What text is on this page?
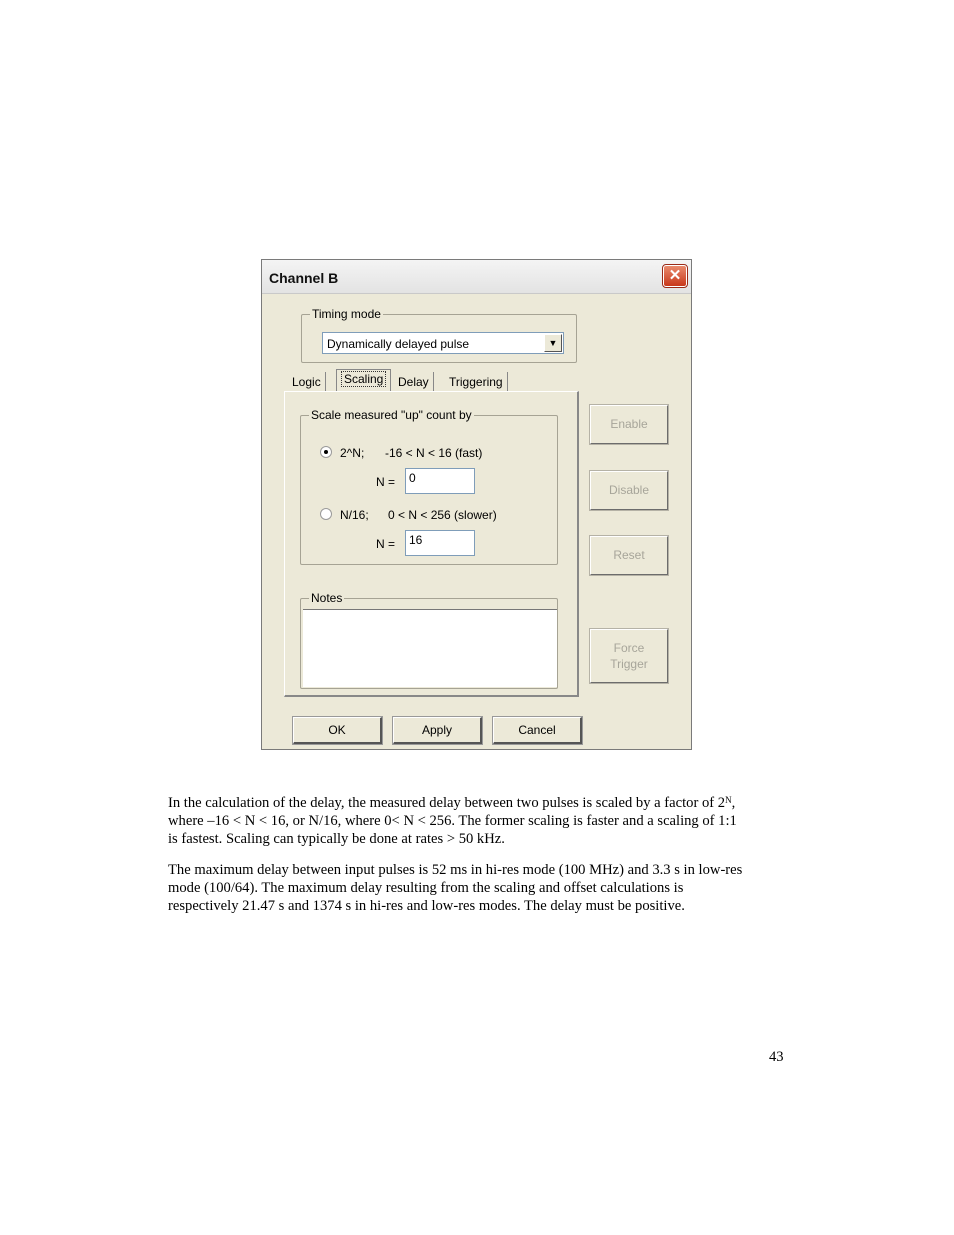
Channel B	✕
Timing mode
Dynamically delayed pulse	▼
Logic	Scaling	Delay	Triggering
Scale measured "up" count by
2^N; -16 < N < 16 (fast)
N =	0
N/16; 0 < N < 256 (slower)
N =	16
Notes
Enable
Disable
Reset
Force
Trigger
OK	Apply	Cancel
In the calculation of the delay, the measured delay between two pulses is scaled by a factor of $2^N$,
where –16 < N < 16, or N/16, where 0< N < 256. The former scaling is faster and a scaling of 1:1
is fastest. Scaling can typically be done at rates > 50 kHz.
The maximum delay between input pulses is 52 ms in hi-res mode (100 MHz) and 3.3 s in low-res
mode (100/64). The maximum delay resulting from the scaling and offset calculations is
respectively 21.47 s and 1374 s in hi-res and low-res modes. The delay must be positive.
43
